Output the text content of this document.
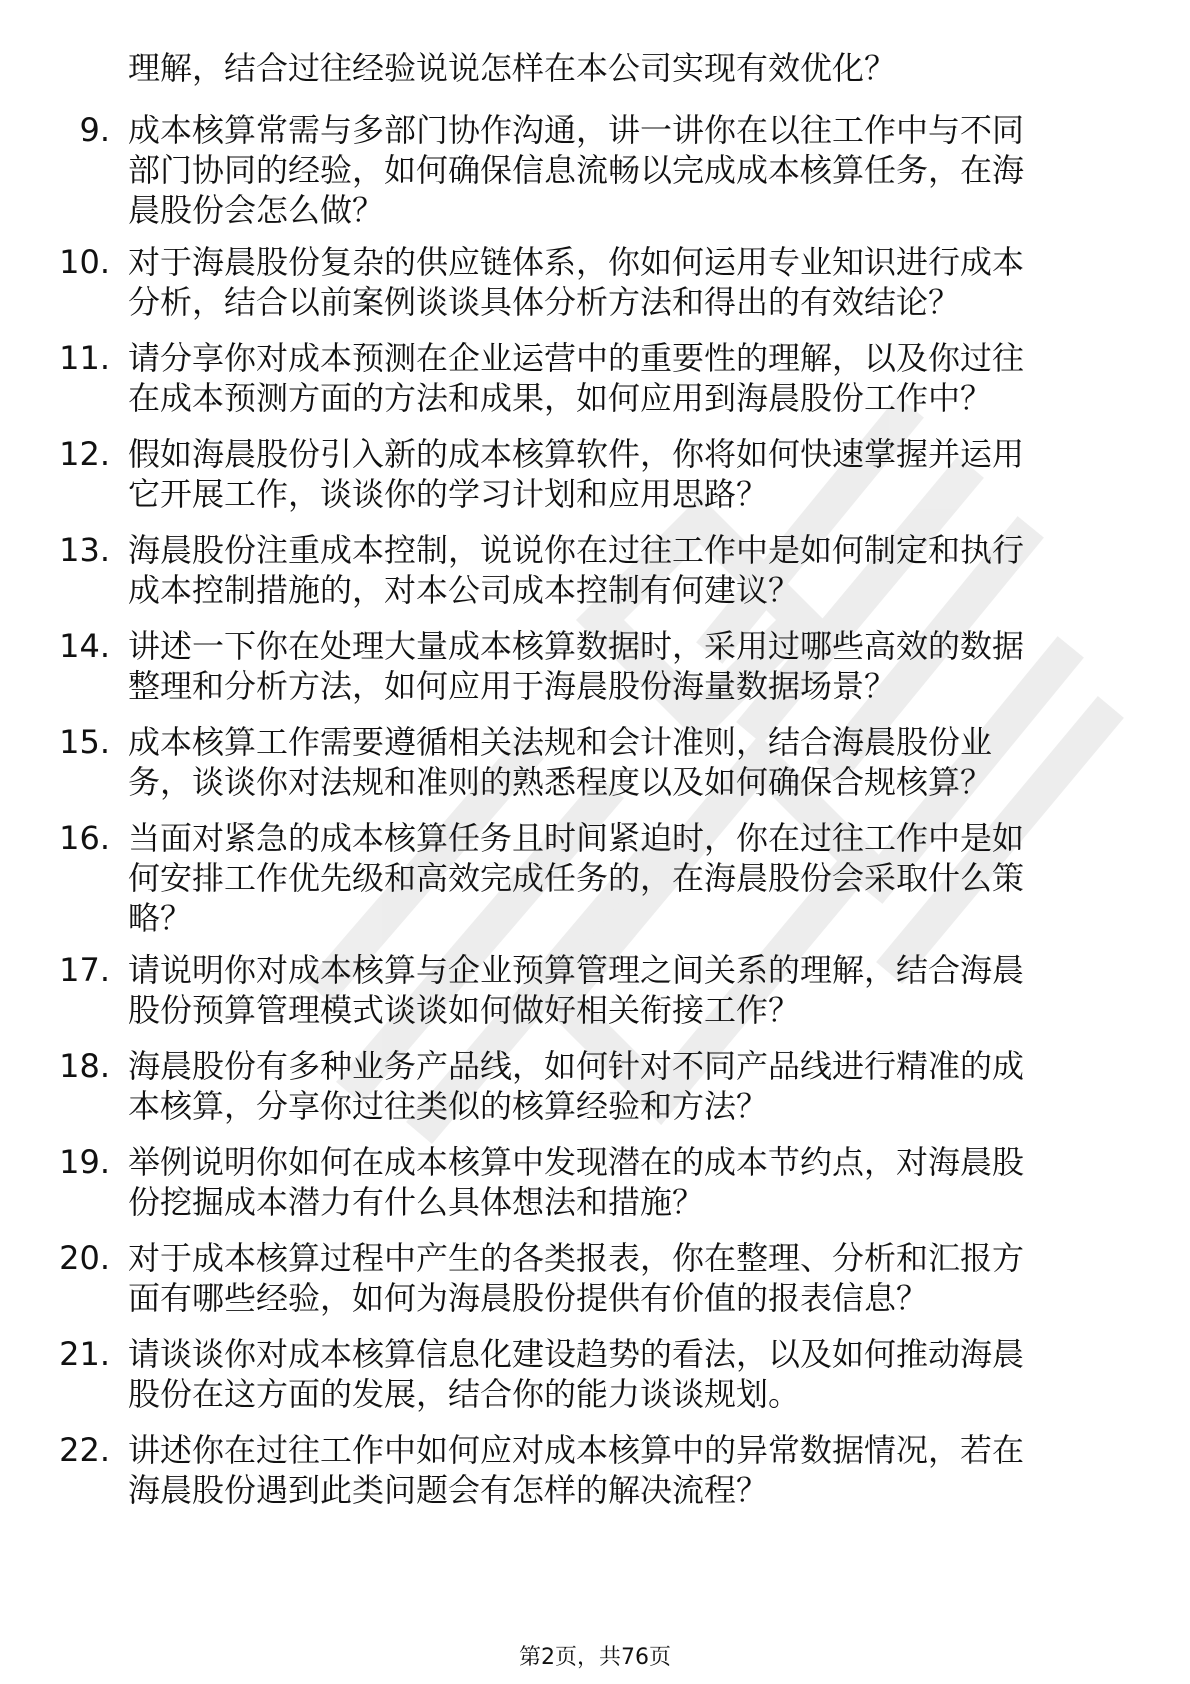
理解，结合过往经验说说怎样在本公司实现有效优化？
9. 成本核算常需与多部门协作沟通，讲一讲你在以往工作中与不同
部门协同的经验，如何确保信息流畅以完成成本核算任务，在海
晨股份会怎么做？
10. 对于海晨股份复杂的供应链体系，你如何运用专业知识进行成本
分析，结合以前案例谈谈具体分析方法和得出的有效结论？
11. 请分享你对成本预测在企业运营中的重要性的理解，以及你过往
在成本预测方面的方法和成果，如何应用到海晨股份工作中？
12. 假如海晨股份引入新的成本核算软件，你将如何快速掌握并运用
它开展工作，谈谈你的学习计划和应用思路？
13. 海晨股份注重成本控制，说说你在过往工作中是如何制定和执行
成本控制措施的，对本公司成本控制有何建议？
14. 讲述一下你在处理大量成本核算数据时，采用过哪些高效的数据
整理和分析方法，如何应用于海晨股份海量数据场景？
15. 成本核算工作需要遵循相关法规和会计准则，结合海晨股份业
务，谈谈你对法规和准则的熟悉程度以及如何确保合规核算？
16. 当面对紧急的成本核算任务且时间紧迫时，你在过往工作中是如
何安排工作优先级和高效完成任务的，在海晨股份会采取什么策
略？
17. 请说明你对成本核算与企业预算管理之间关系的理解，结合海晨
股份预算管理模式谈谈如何做好相关衔接工作？
18. 海晨股份有多种业务产品线，如何针对不同产品线进行精准的成
本核算，分享你过往类似的核算经验和方法？
19. 举例说明你如何在成本核算中发现潜在的成本节约点，对海晨股
份挖掘成本潜力有什么具体想法和措施？
20. 对于成本核算过程中产生的各类报表，你在整理、分析和汇报方
面有哪些经验，如何为海晨股份提供有价值的报表信息？
21. 请谈谈你对成本核算信息化建设趋势的看法，以及如何推动海晨
股份在这方面的发展，结合你的能力谈谈规划。
22. 讲述你在过往工作中如何应对成本核算中的异常数据情况，若在
海晨股份遇到此类问题会有怎样的解决流程？
第2页，共76页
